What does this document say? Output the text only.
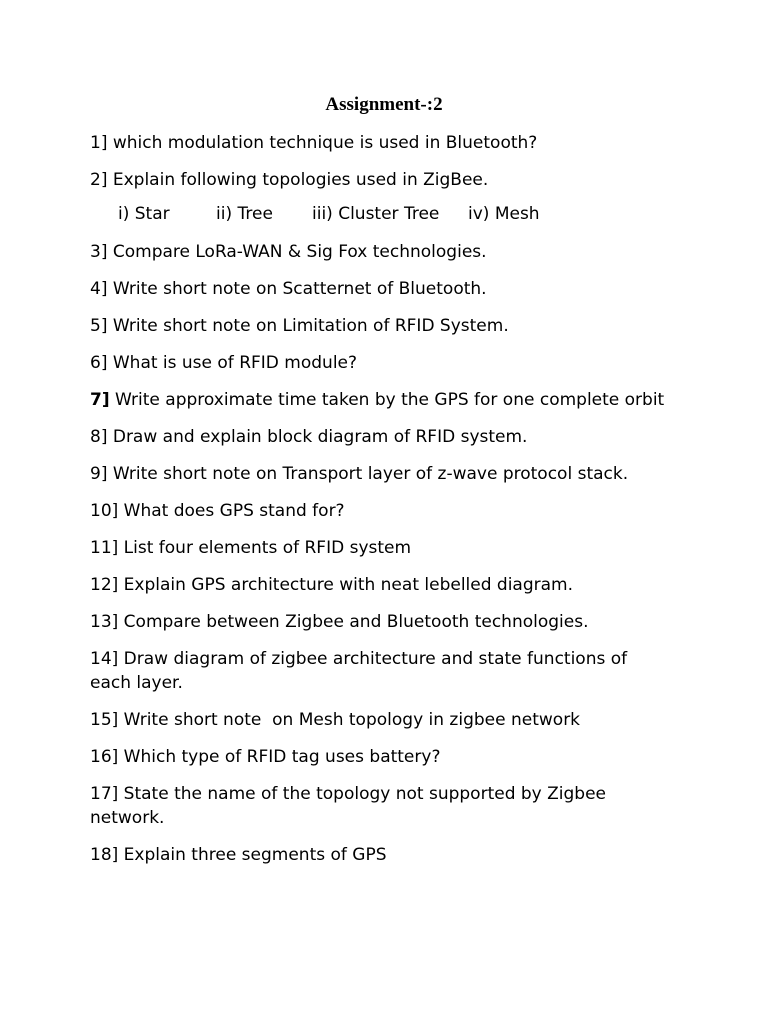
Assignment-:2
1] which modulation technique is used in Bluetooth?
2] Explain following topologies used in ZigBee.
i) Star	ii) Tree iii) Cluster Tree iv) Mesh
3] Compare LoRa-WAN & Sig Fox technologies.
4] Write short note on Scatternet of Bluetooth.
5] Write short note on Limitation of RFID System.
6] What is use of RFID module?
7] Write approximate time taken by the GPS for one complete orbit
8] Draw and explain block diagram of RFID system.
9] Write short note on Transport layer of z-wave protocol stack.
10] What does GPS stand for?
11] List four elements of RFID system
12] Explain GPS architecture with neat lebelled diagram.
13] Compare between Zigbee and Bluetooth technologies.
14] Draw diagram of zigbee architecture and state functions of each layer.
15] Write short note  on Mesh topology in zigbee network
16] Which type of RFID tag uses battery?
17] State the name of the topology not supported by Zigbee network.
18] Explain three segments of GPS
